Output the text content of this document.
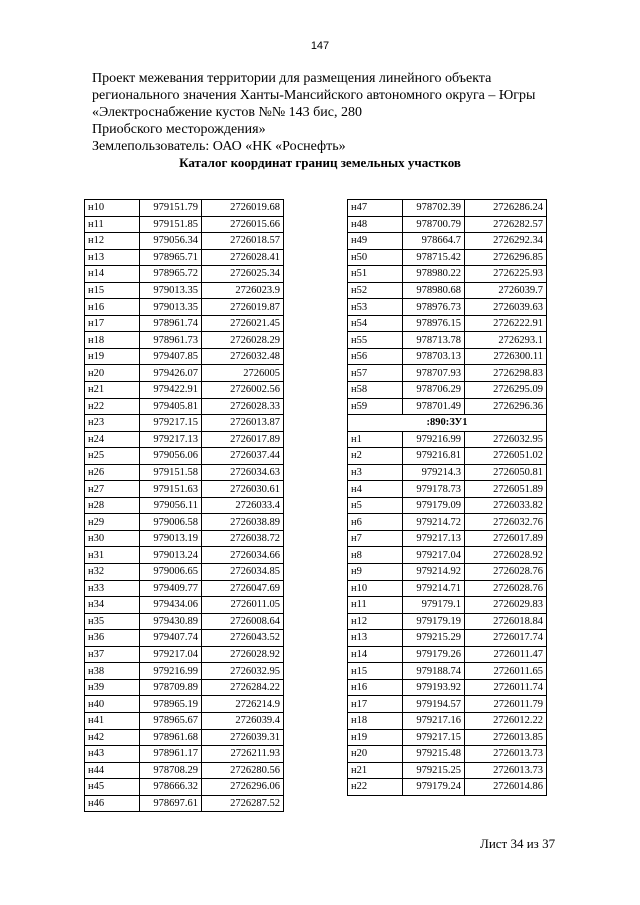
147
Проект межевания территории для размещения линейного объекта
регионального значения Ханты-Мансийского автономного округа – Югры
«Электроснабжение кустов №№ 143 бис, 280
Приобского месторождения»
Землепользователь: ОАО «НК «Роснефть»
Каталог координат границ земельных участков
н10	979151.79	2726019.68
н11	979151.85	2726015.66
н12	979056.34	2726018.57
н13	978965.71	2726028.41
н14	978965.72	2726025.34
н15	979013.35	2726023.9
н16	979013.35	2726019.87
н17	978961.74	2726021.45
н18	978961.73	2726028.29
н19	979407.85	2726032.48
н20	979426.07	2726005
н21	979422.91	2726002.56
н22	979405.81	2726028.33
н23	979217.15	2726013.87
н24	979217.13	2726017.89
н25	979056.06	2726037.44
н26	979151.58	2726034.63
н27	979151.63	2726030.61
н28	979056.11	2726033.4
н29	979006.58	2726038.89
н30	979013.19	2726038.72
н31	979013.24	2726034.66
н32	979006.65	2726034.85
н33	979409.77	2726047.69
н34	979434.06	2726011.05
н35	979430.89	2726008.64
н36	979407.74	2726043.52
н37	979217.04	2726028.92
н38	979216.99	2726032.95
н39	978709.89	2726284.22
н40	978965.19	2726214.9
н41	978965.67	2726039.4
н42	978961.68	2726039.31
н43	978961.17	2726211.93
н44	978708.29	2726280.56
н45	978666.32	2726296.06
н46	978697.61	2726287.52
н47	978702.39	2726286.24
н48	978700.79	2726282.57
н49	978664.7	2726292.34
н50	978715.42	2726296.85
н51	978980.22	2726225.93
н52	978980.68	2726039.7
н53	978976.73	2726039.63
н54	978976.15	2726222.91
н55	978713.78	2726293.1
н56	978703.13	2726300.11
н57	978707.93	2726298.83
н58	978706.29	2726295.09
н59	978701.49	2726296.36
:890:ЗУ1		
н1	979216.99	2726032.95
н2	979216.81	2726051.02
н3	979214.3	2726050.81
н4	979178.73	2726051.89
н5	979179.09	2726033.82
н6	979214.72	2726032.76
н7	979217.13	2726017.89
н8	979217.04	2726028.92
н9	979214.92	2726028.76
н10	979214.71	2726028.76
н11	979179.1	2726029.83
н12	979179.19	2726018.84
н13	979215.29	2726017.74
н14	979179.26	2726011.47
н15	979188.74	2726011.65
н16	979193.92	2726011.74
н17	979194.57	2726011.79
н18	979217.16	2726012.22
н19	979217.15	2726013.85
н20	979215.48	2726013.73
н21	979215.25	2726013.73
н22	979179.24	2726014.86
Лист 34 из 37
